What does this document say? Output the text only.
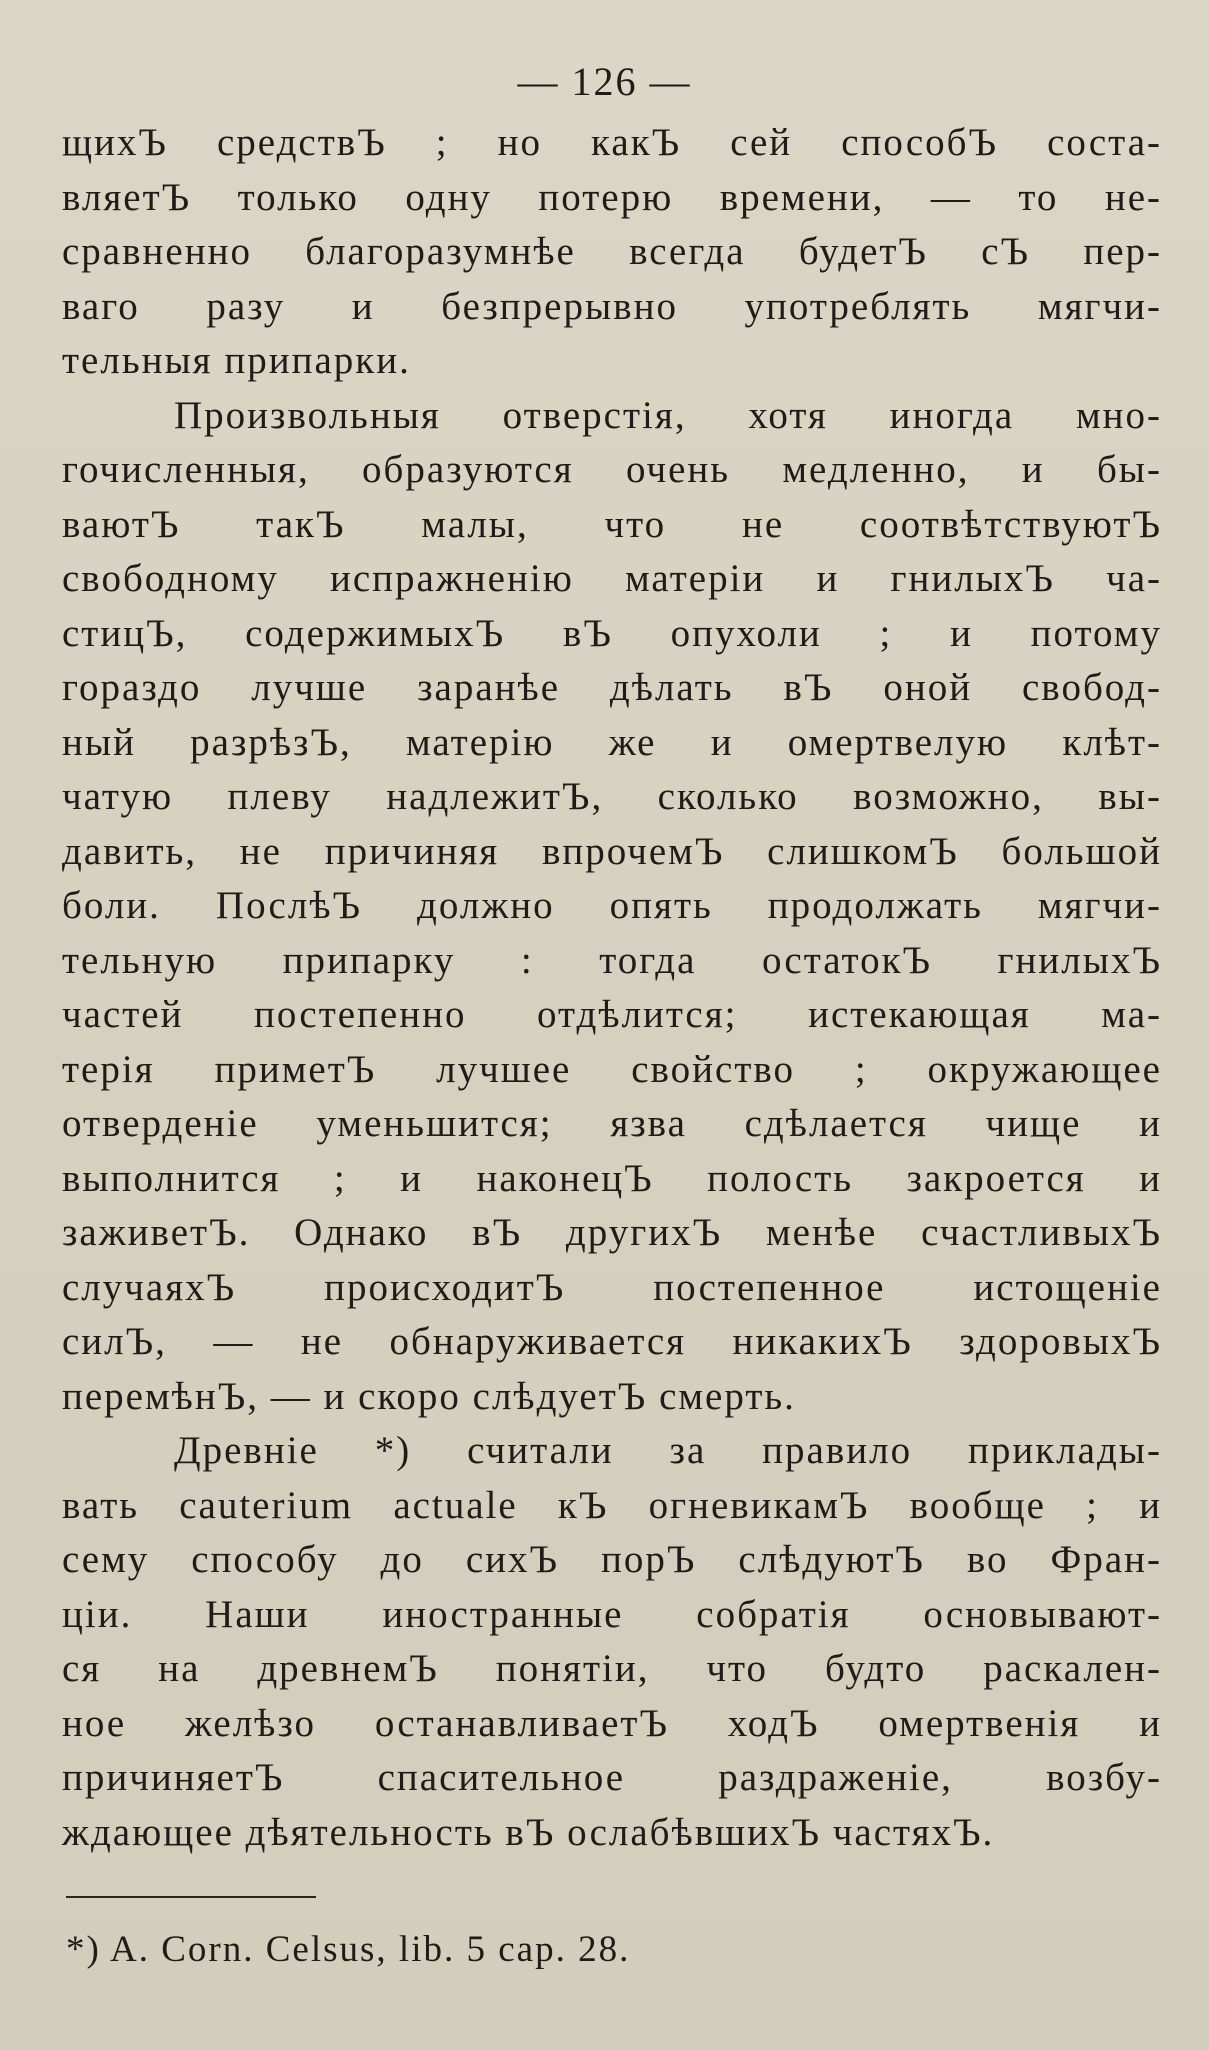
— 126 —
щихЪ средствЪ ; но какЪ сей способЪ соста-
вляетЪ только одну потерю времени, — то не-
сравненно благоразумнѣе всегда будетЪ сЪ пер-
ваго разу и безпрерывно употреблять мягчи-
тельныя припарки.
Произвольныя отверстія, хотя иногда мно-
гочисленныя, образуются очень медленно, и бы-
ваютЪ такЪ малы, что не соотвѣтствуютЪ
свободному испражненію матеріи и гнилыхЪ ча-
стицЪ, содержимыхЪ вЪ опухоли ; и потому
гораздо лучше заранѣе дѣлать вЪ оной свобод-
ный разрѣзЪ, матерію же и омертвелую клѣт-
чатую плеву надлежитЪ, сколько возможно, вы-
давить, не причиняя впрочемЪ слишкомЪ большой
боли. ПослѣЪ должно опять продолжать мягчи-
тельную припарку : тогда остатокЪ гнилыхЪ
частей постепенно отдѣлится; истекающая ма-
терія приметЪ лучшее свойство ; окружающее
отверденіе уменьшится; язва сдѣлается чище и
выполнится ; и наконецЪ полость закроется и
заживетЪ. Однако вЪ другихЪ менѣе счастливыхЪ
случаяхЪ происходитЪ постепенное истощеніе
силЪ, — не обнаруживается никакихЪ здоровыхЪ
перемѣнЪ, — и скоро слѣдуетЪ смерть.
Древніе *) считали за правило приклады-
вать cauterium actuale кЪ огневикамЪ вообще ; и
сему способу до сихЪ порЪ слѣдуютЪ во Фран-
ціи. Наши иностранные собратія основывают-
ся на древнемЪ понятіи, что будто раскален-
ное желѣзо останавливаетЪ ходЪ омертвенія и
причиняетЪ спасительное раздраженіе, возбу-
ждающее дѣятельность вЪ ослабѣвшихЪ частяхЪ.
*) A. Corn. Celsus, lib. 5 cap. 28.
